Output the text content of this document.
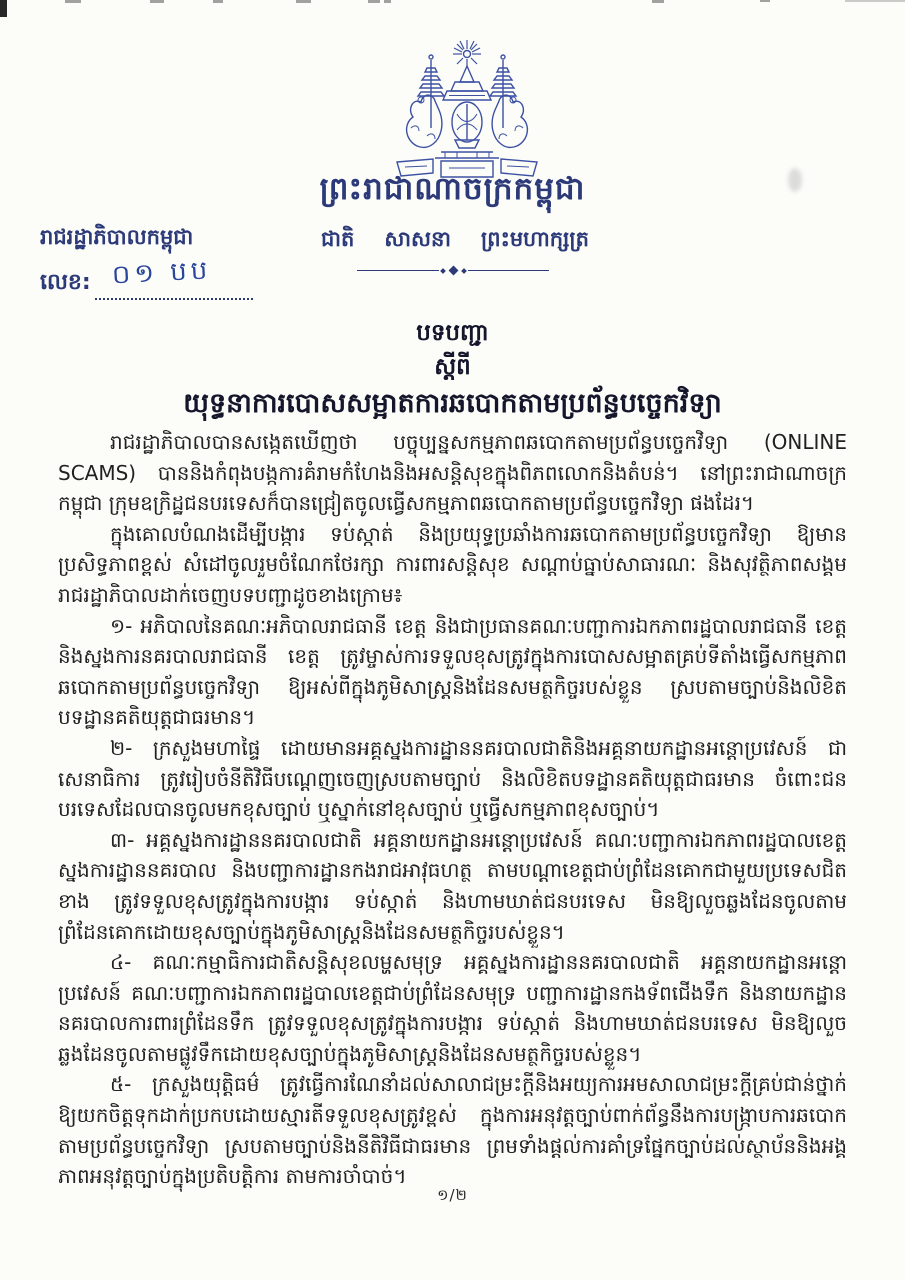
ព្រះរាជាណាចក្រកម្ពុជា
រាជរដ្ឋាភិបាលកម្ពុជា	ជាតិ សាសនា ព្រះមហាក្សត្រ
លេខ: ០១ បប
បទបញ្ជា
ស្តីពី
យុទ្ធនាការបោសសម្អាតការឆបោកតាមប្រព័ន្ធបច្ចេកវិទ្យា

រាជរដ្ឋាភិបាលបានសង្កេតឃើញថា បច្ចុប្បន្នសកម្មភាពឆបោកតាមប្រព័ន្ធបច្ចេកវិទ្យា (ONLINE SCAMS) បាននិងកំពុងបង្កការគំរាមកំហែងនិងអសន្តិសុខក្នុងពិភពលោកនិងតំបន់។ នៅព្រះរាជាណាចក្រកម្ពុជា ក្រុមឧក្រិដ្ឋជនបរទេសក៏បានជ្រៀតចូលធ្វើសកម្មភាពឆបោកតាមប្រព័ន្ធបច្ចេកវិទ្យា ផងដែរ។

ក្នុងគោលបំណងដើម្បីបង្ការ ទប់ស្កាត់ និងប្រយុទ្ធប្រឆាំងការឆបោកតាមប្រព័ន្ធបច្ចេកវិទ្យា ឱ្យមានប្រសិទ្ធភាពខ្ពស់ សំដៅចូលរួមចំណែកថែរក្សា ការពារសន្តិសុខ សណ្តាប់ធ្នាប់សាធារណៈ និងសុវត្ថិភាពសង្គម រាជរដ្ឋាភិបាលដាក់ចេញបទបញ្ជាដូចខាងក្រោម៖

១- អភិបាលនៃគណៈអភិបាលរាជធានី ខេត្ត និងជាប្រធានគណៈបញ្ជាការឯកភាពរដ្ឋបាលរាជធានី ខេត្ត និងស្នងការនគរបាលរាជធានី ខេត្ត ត្រូវម្ចាស់ការទទួលខុសត្រូវក្នុងការបោសសម្អាតគ្រប់ទីតាំងធ្វើសកម្មភាពឆបោកតាមប្រព័ន្ធបច្ចេកវិទ្យា ឱ្យអស់ពីក្នុងភូមិសាស្ត្រនិងដែនសមត្ថកិច្ចរបស់ខ្លួន ស្របតាមច្បាប់និងលិខិតបទដ្ឋានគតិយុត្តជាធរមាន។

២- ក្រសួងមហាផ្ទៃ ដោយមានអគ្គស្នងការដ្ឋាននគរបាលជាតិនិងអគ្គនាយកដ្ឋានអន្តោប្រវេសន៍ ជាសេនាធិការ ត្រូវរៀបចំនីតិវិធីបណ្តេញចេញស្របតាមច្បាប់ និងលិខិតបទដ្ឋានគតិយុត្តជាធរមាន ចំពោះជនបរទេសដែលបានចូលមកខុសច្បាប់ ឬស្នាក់នៅខុសច្បាប់ ឬធ្វើសកម្មភាពខុសច្បាប់។

៣- អគ្គស្នងការដ្ឋាននគរបាលជាតិ អគ្គនាយកដ្ឋានអន្តោប្រវេសន៍ គណៈបញ្ជាការឯកភាពរដ្ឋបាលខេត្ត ស្នងការដ្ឋាននគរបាល និងបញ្ជាការដ្ឋានកងរាជអាវុធហត្ថ តាមបណ្តាខេត្តជាប់ព្រំដែនគោកជាមួយប្រទេសជិតខាង ត្រូវទទួលខុសត្រូវក្នុងការបង្ការ ទប់ស្កាត់ និងហាមឃាត់ជនបរទេស មិនឱ្យលួចឆ្លងដែនចូលតាមព្រំដែនគោកដោយខុសច្បាប់ក្នុងភូមិសាស្ត្រនិងដែនសមត្ថកិច្ចរបស់ខ្លួន។

៤- គណៈកម្មាធិការជាតិសន្តិសុខលម្ហសមុទ្រ អគ្គស្នងការដ្ឋាននគរបាលជាតិ អគ្គនាយកដ្ឋានអន្តោប្រវេសន៍ គណៈបញ្ជាការឯកភាពរដ្ឋបាលខេត្តជាប់ព្រំដែនសមុទ្រ បញ្ជាការដ្ឋានកងទ័ពជើងទឹក និងនាយកដ្ឋាននគរបាលការពារព្រំដែនទឹក ត្រូវទទួលខុសត្រូវក្នុងការបង្ការ ទប់ស្កាត់ និងហាមឃាត់ជនបរទេស មិនឱ្យលួចឆ្លងដែនចូលតាមផ្លូវទឹកដោយខុសច្បាប់ក្នុងភូមិសាស្ត្រនិងដែនសមត្ថកិច្ចរបស់ខ្លួន។

៥- ក្រសួងយុត្តិធម៌ ត្រូវធ្វើការណែនាំដល់សាលាជម្រះក្តីនិងអយ្យការអមសាលាជម្រះក្តីគ្រប់ជាន់ថ្នាក់ ឱ្យយកចិត្តទុកដាក់ប្រកបដោយស្មារតីទទួលខុសត្រូវខ្ពស់ ក្នុងការអនុវត្តច្បាប់ពាក់ព័ន្ធនឹងការបង្ក្រាបការឆបោកតាមប្រព័ន្ធបច្ចេកវិទ្យា ស្របតាមច្បាប់និងនីតិវិធីជាធរមាន ព្រមទាំងផ្តល់ការគាំទ្រផ្នែកច្បាប់ដល់ស្ថាប័ននិងអង្គភាពអនុវត្តច្បាប់ក្នុងប្រតិបត្តិការ តាមការចាំបាច់។

១/២
